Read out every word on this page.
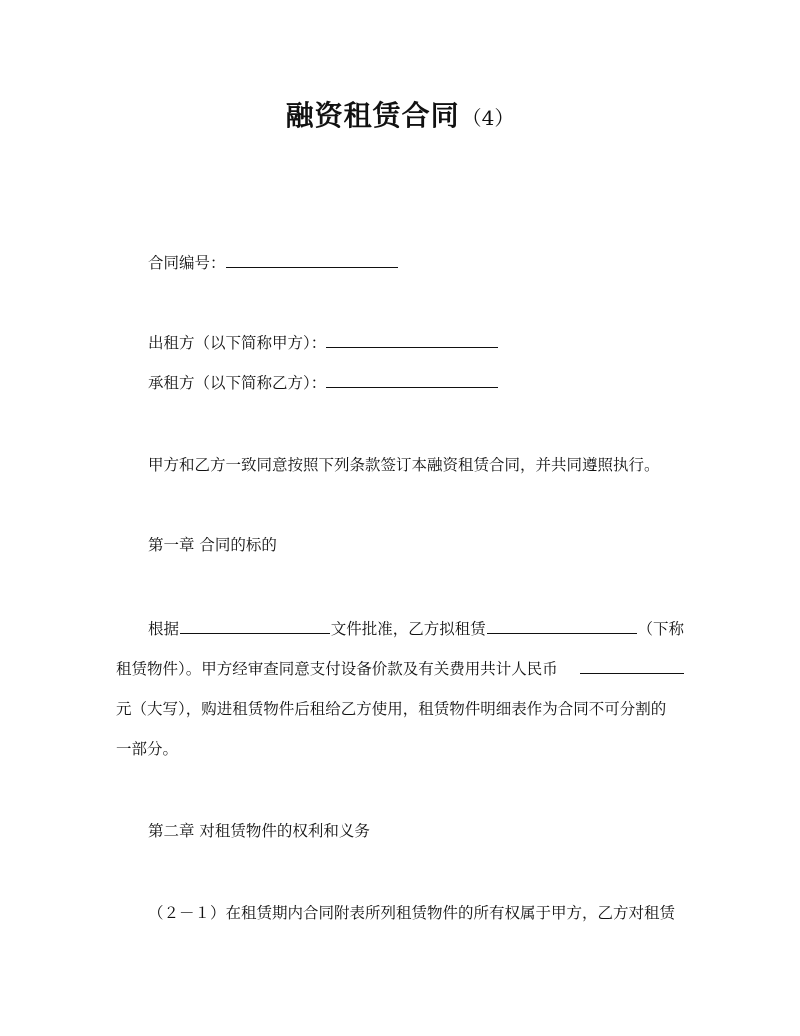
融资租赁合同 （4）
合同编号：
出租方（以下简称甲方）：
承租方（以下简称乙方）：
甲方和乙方一致同意按照下列条款签订本融资租赁合同，并共同遵照执行。
第一章 合同的标的
根据	文件批准，乙方拟租赁	（下称
租赁物件）。甲方经审查同意支付设备价款及有关费用共计人民币
元（大写），购进租赁物件后租给乙方使用，租赁物件明细表作为合同不可分割的
一部分。
第二章 对租赁物件的权利和义务
（２－１）在租赁期内合同附表所列租赁物件的所有权属于甲方，乙方对租赁
